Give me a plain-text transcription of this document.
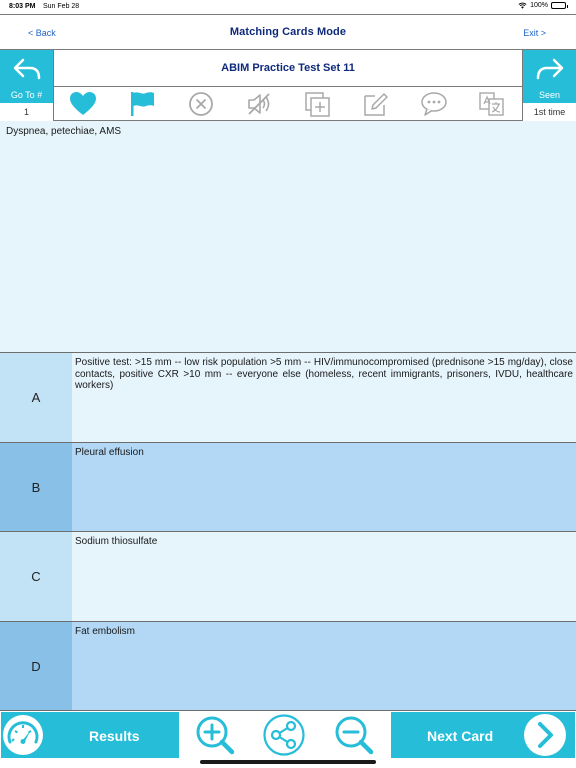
8:03 PM Sun Feb 28	100%
< Back	Matching Cards Mode	Exit >
ABIM Practice Test Set 11
Go To #
1
Seen
1st time
Dyspnea, petechiae, AMS
A
Positive test: >15 mm -- low risk population >5 mm -- HIV/immunocompromised (prednisone >15 mg/day), close contacts, positive CXR >10 mm -- everyone else (homeless, recent immigrants, prisoners, IVDU, healthcare workers)
B
Pleural effusion
C
Sodium thiosulfate
D
Fat embolism
Results	Next Card
